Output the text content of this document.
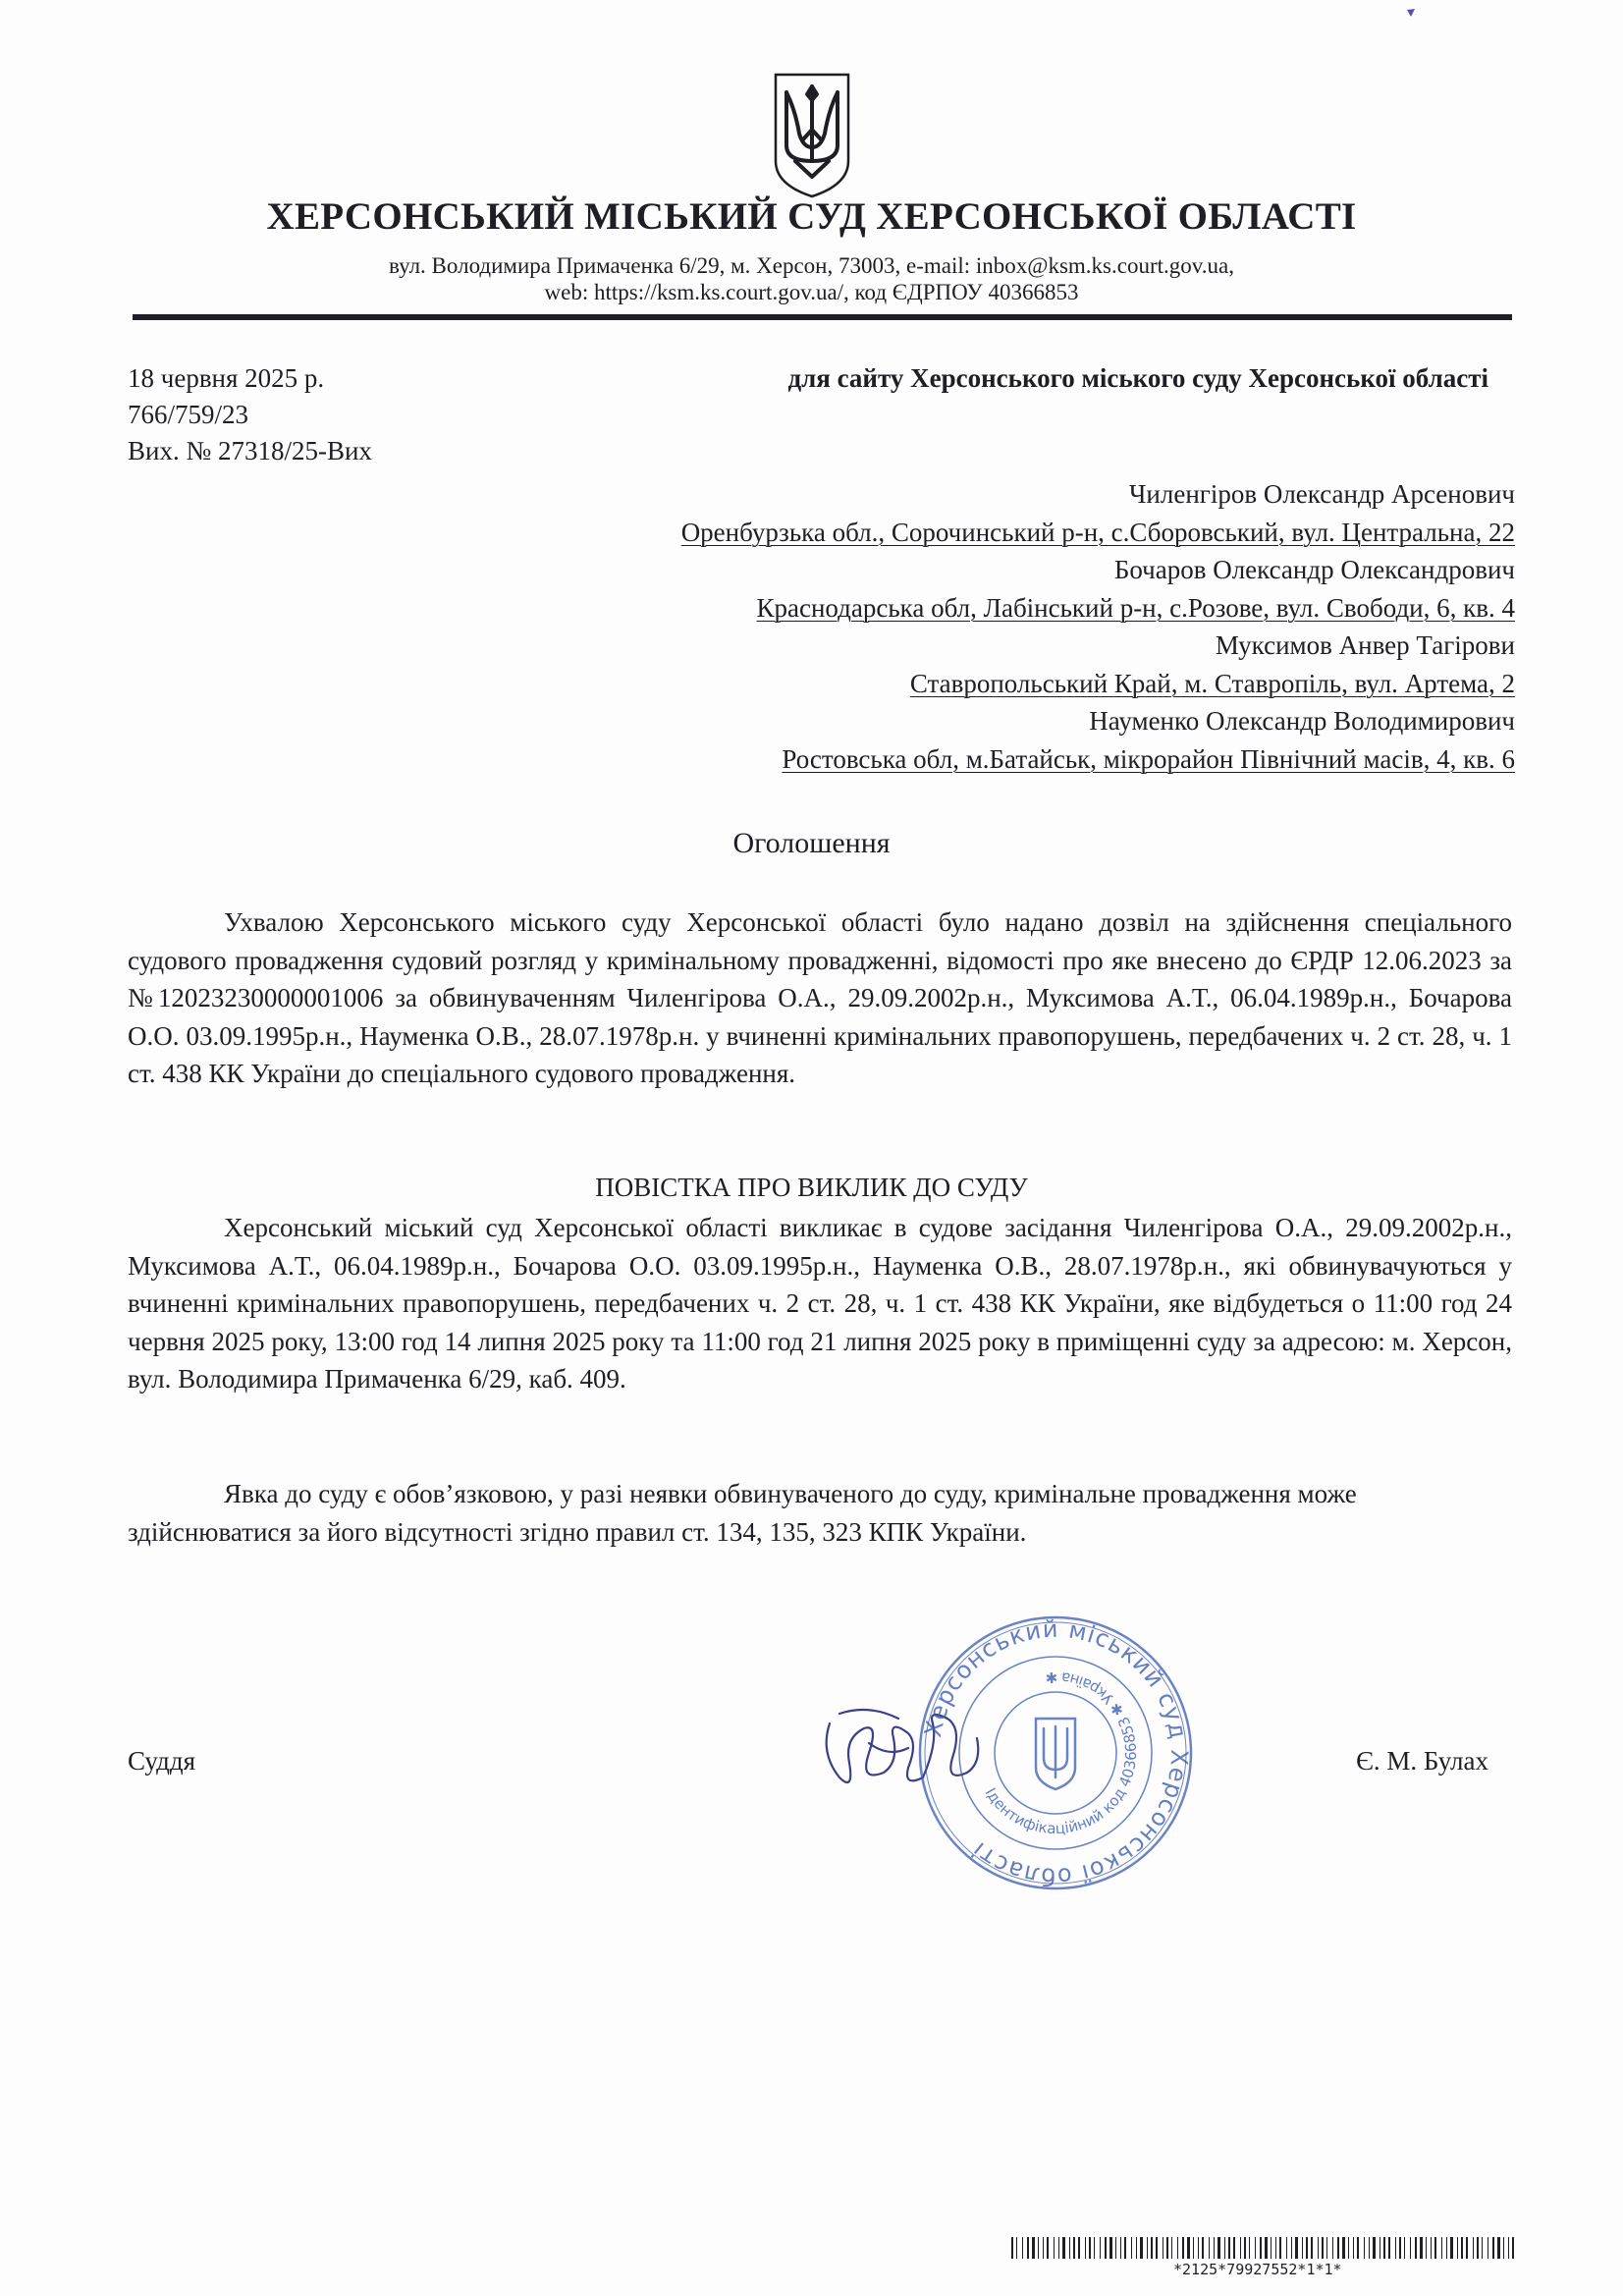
ХЕРСОНСЬКИЙ МІСЬКИЙ СУД ХЕРСОНСЬКОЇ ОБЛАСТІ
вул. Володимира Примаченка 6/29, м. Херсон, 73003, e-mail: inbox@ksm.ks.court.gov.ua,
web: https://ksm.ks.court.gov.ua/, код ЄДРПОУ 40366853
18 червня 2025 р.
766/759/23
Вих. № 27318/25-Вих
для сайту Херсонського міського суду Херсонської області
Чиленгіров Олександр Арсенович
Оренбурзька обл., Сорочинський р-н, с.Сборовський, вул. Центральна, 22
Бочаров Олександр Олександрович
Краснодарська обл, Лабінський р-н, с.Розове, вул. Свободи, 6, кв. 4
Муксимов Анвер Тагірови
Ставропольський Край, м. Ставропіль, вул. Артема, 2
Науменко Олександр Володимирович
Ростовська обл, м.Батайськ, мікрорайон Північний масів, 4, кв. 6
Оголошення
Ухвалою Херсонського міського суду Херсонської області було надано дозвіл на здійснення спеціального судового провадження судовий розгляд у кримінальному провадженні, відомості про яке внесено до ЄРДР 12.06.2023 за №12023230000001006 за обвинуваченням Чиленгірова О.А., 29.09.2002р.н., Муксимова А.Т., 06.04.1989р.н., Бочарова О.О. 03.09.1995р.н., Науменка О.В., 28.07.1978р.н. у вчиненні кримінальних правопорушень, передбачених ч. 2 ст. 28, ч. 1 ст. 438 КК України до спеціального судового провадження.
ПОВІСТКА ПРО ВИКЛИК ДО СУДУ
Херсонський міський суд Херсонської області викликає в судове засідання Чиленгірова О.А., 29.09.2002р.н., Муксимова А.Т., 06.04.1989р.н., Бочарова О.О. 03.09.1995р.н., Науменка О.В., 28.07.1978р.н., які обвинувачуються у вчиненні кримінальних правопорушень, передбачених ч. 2 ст. 28, ч. 1 ст. 438 КК України, яке відбудеться о 11:00 год 24 червня 2025 року, 13:00 год 14 липня 2025 року та 11:00 год 21 липня 2025 року в приміщенні суду за адресою: м. Херсон, вул. Володимира Примаченка 6/29, каб. 409.
Явка до суду є обов’язковою, у разі неявки обвинуваченого до суду, кримінальне провадження може здійснюватися за його відсутності згідно правил ст. 134, 135, 323 КПК України.
Суддя	Є. М. Булах
Херсонський міський суд Херсонської області
Ідентифікаційний код 40366853 ✱ Україна ✱
*2125*79927552*1*1*
